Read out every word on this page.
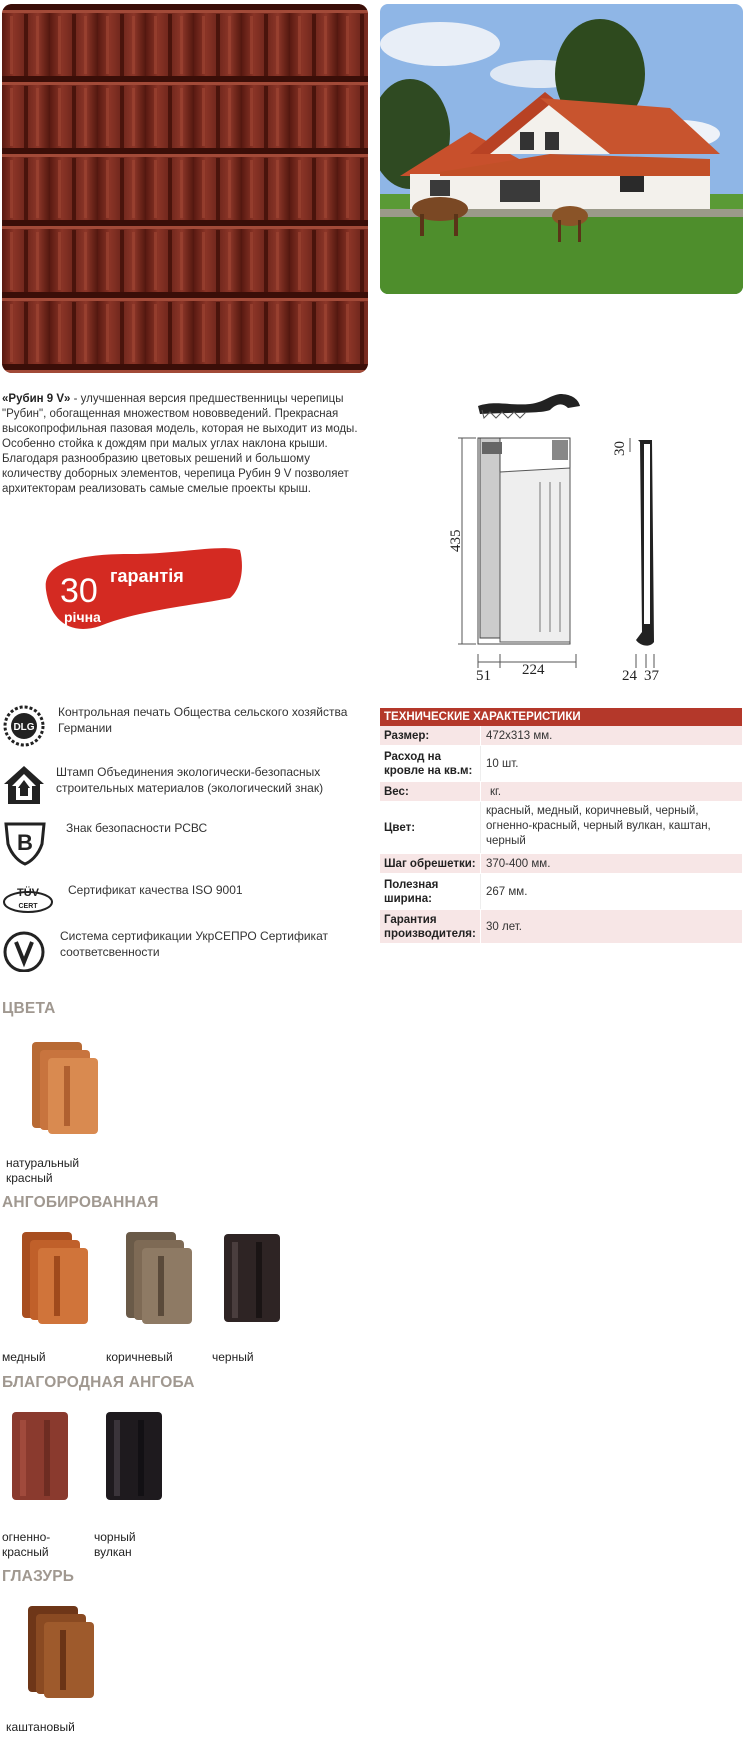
«Рубин 9 V» - улучшенная версия предшественницы черепицы "Рубин", обогащенная множеством нововведений. Прекрасная высокопрофильная пазовая модель, которая не выходит из моды. Особенно стойка к дождям при малых углах наклона крыши. Благодаря разнообразию цветовых решений и большому количеству доборных элементов, черепица Рубин 9 V позволяет архитекторам реализовать самые смелые проекты крыш.
30 гарантія
річна
435
30
51 224	24 37
DLG
Контрольная печать Общества сельского хозяйства Германии
Штамп Объединения экологически-безопасных строительных материалов (экологический знак)
B
Знак безопасности РСВС
TÜV
CERT
Сертификат качества ISO 9001
Система сертификации УкрСЕПРО Сертификат соответсвенности
ТЕХНИЧЕСКИЕ ХАРАКТЕРИСТИКИ
Размер:	472х313 мм.
Расход на кровле на кв.м:
10 шт.
Вес:	кг.
Цвет:
красный, медный, коричневый, черный, огненно-красный, черный вулкан, каштан, черный
Шаг обрешетки: 370-400 мм.
Полезная ширина:
267 мм.
Гарантия производителя:
30 лет.
ЦВЕТА
натуральный красный
АНГОБИРОВАННАЯ
медный	коричневый	черный
БЛАГОРОДНАЯ АНГОБА
огненно-красный
чорный вулкан
ГЛАЗУРЬ
каштановый
